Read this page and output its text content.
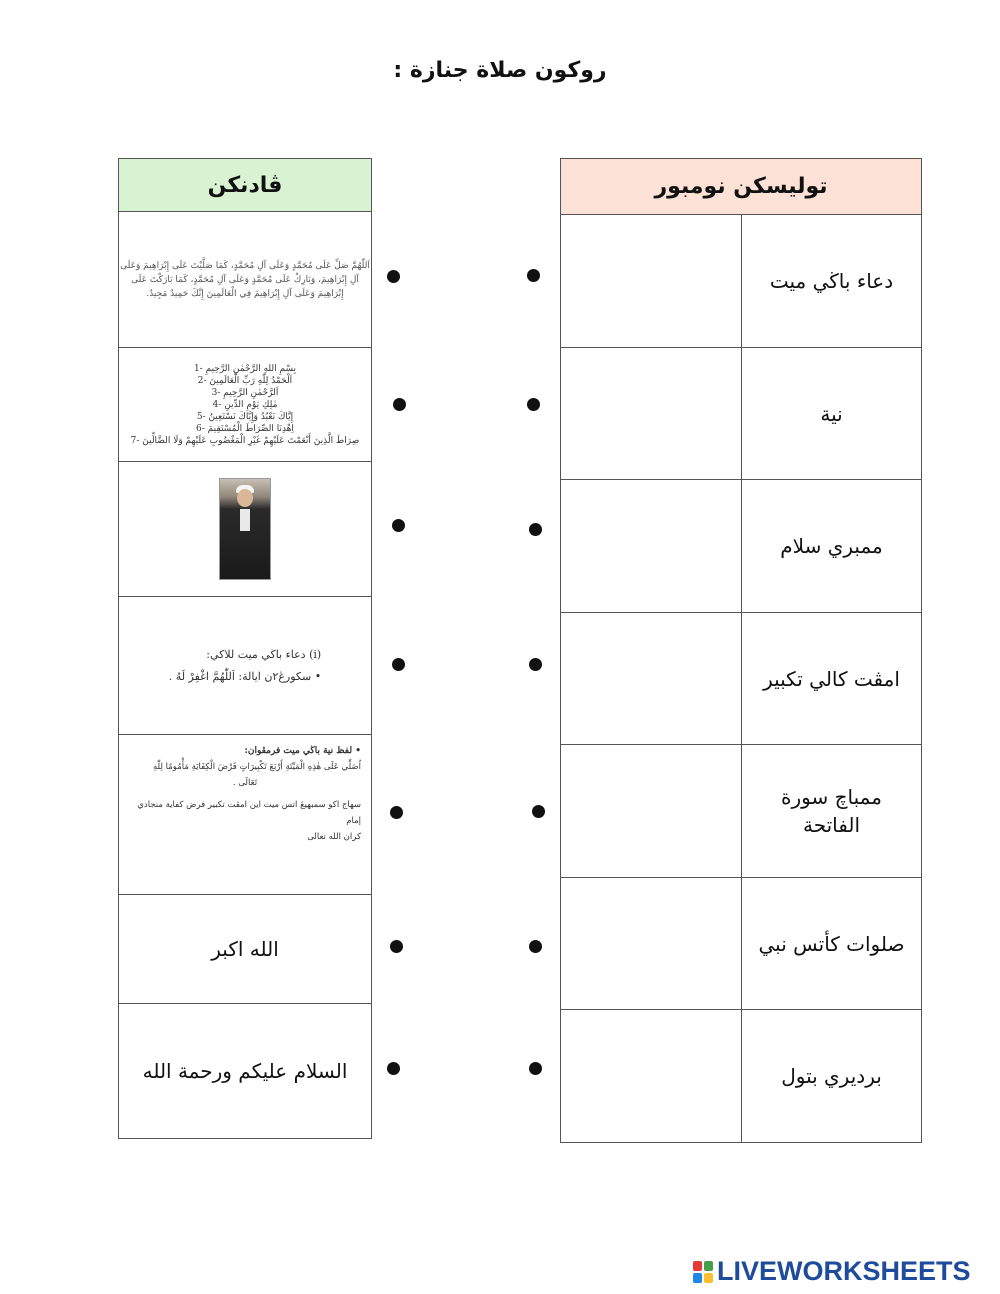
روكون صلاة جنازة :
ڤادنكن
اَللّٰهُمَّ صَلِّ عَلَى مُحَمَّدٍ وَعَلَى آلِ مُحَمَّدٍ، كَمَا صَلَّيْتَ عَلَى إِبْرَاهِيمَ وَعَلَى
آلِ إِبْرَاهِيمَ، وَبَارِكْ عَلَى مُحَمَّدٍ وَعَلَى آلِ مُحَمَّدٍ، كَمَا بَارَكْتَ عَلَى
إِبْرَاهِيمَ وَعَلَى آلِ إِبْرَاهِيمَ فِي الْعَالَمِينَ إِنَّكَ حَمِيدٌ مَجِيدٌ.
بِسْمِ اللهِ الرَّحْمٰنِ الرَّحِيمِ -1
اَلْحَمْدُ لِلّٰهِ رَبِّ الْعَالَمِينَ -2
اَلرَّحْمٰنِ الرَّحِيمِ -3
مٰلِكِ يَوْمِ الدِّينِ -4
إِيَّاكَ نَعْبُدُ وَإِيَّاكَ نَسْتَعِينُ -5
اِهْدِنَا الصِّرَاطَ الْمُسْتَقِيمَ -6
صِرَاطَ الَّذِينَ أَنْعَمْتَ عَلَيْهِمْ غَيْرِ الْمَغْضُوبِ عَلَيْهِمْ وَلَا الضَّالِّينَ -7
(i) دعاء باڬي ميت للاكي:
• سکورڠ٢ن ايالة: اَللّٰهُمَّ اغْفِرْ لَهُ .
• لفظ نية باڬي ميت فرمڤوان:
اُصَلِّي عَلَى هٰذِهِ الْمَيِّتَةِ أَرْبَعَ تَكْبِيرَاتٍ فَرْضَ الْكِفَايَةِ مَأْمُومًا لِلّٰهِ
تَعَالَى .
سهاج اکو سمبهيڠ اتس ميت اين امڤت تکبير فرض کفاية منجادي إمام
كران الله تعالى
الله اكبر
السلام عليكم ورحمة الله
توليسكن نومبور
دعاء باڬي ميت
نية
ممبري سلام
امڤت كالي تكبير
ممباچ سورة الفاتحة
صلوات كأتس نبي
برديري بتول
LIVEWORKSHEETS
